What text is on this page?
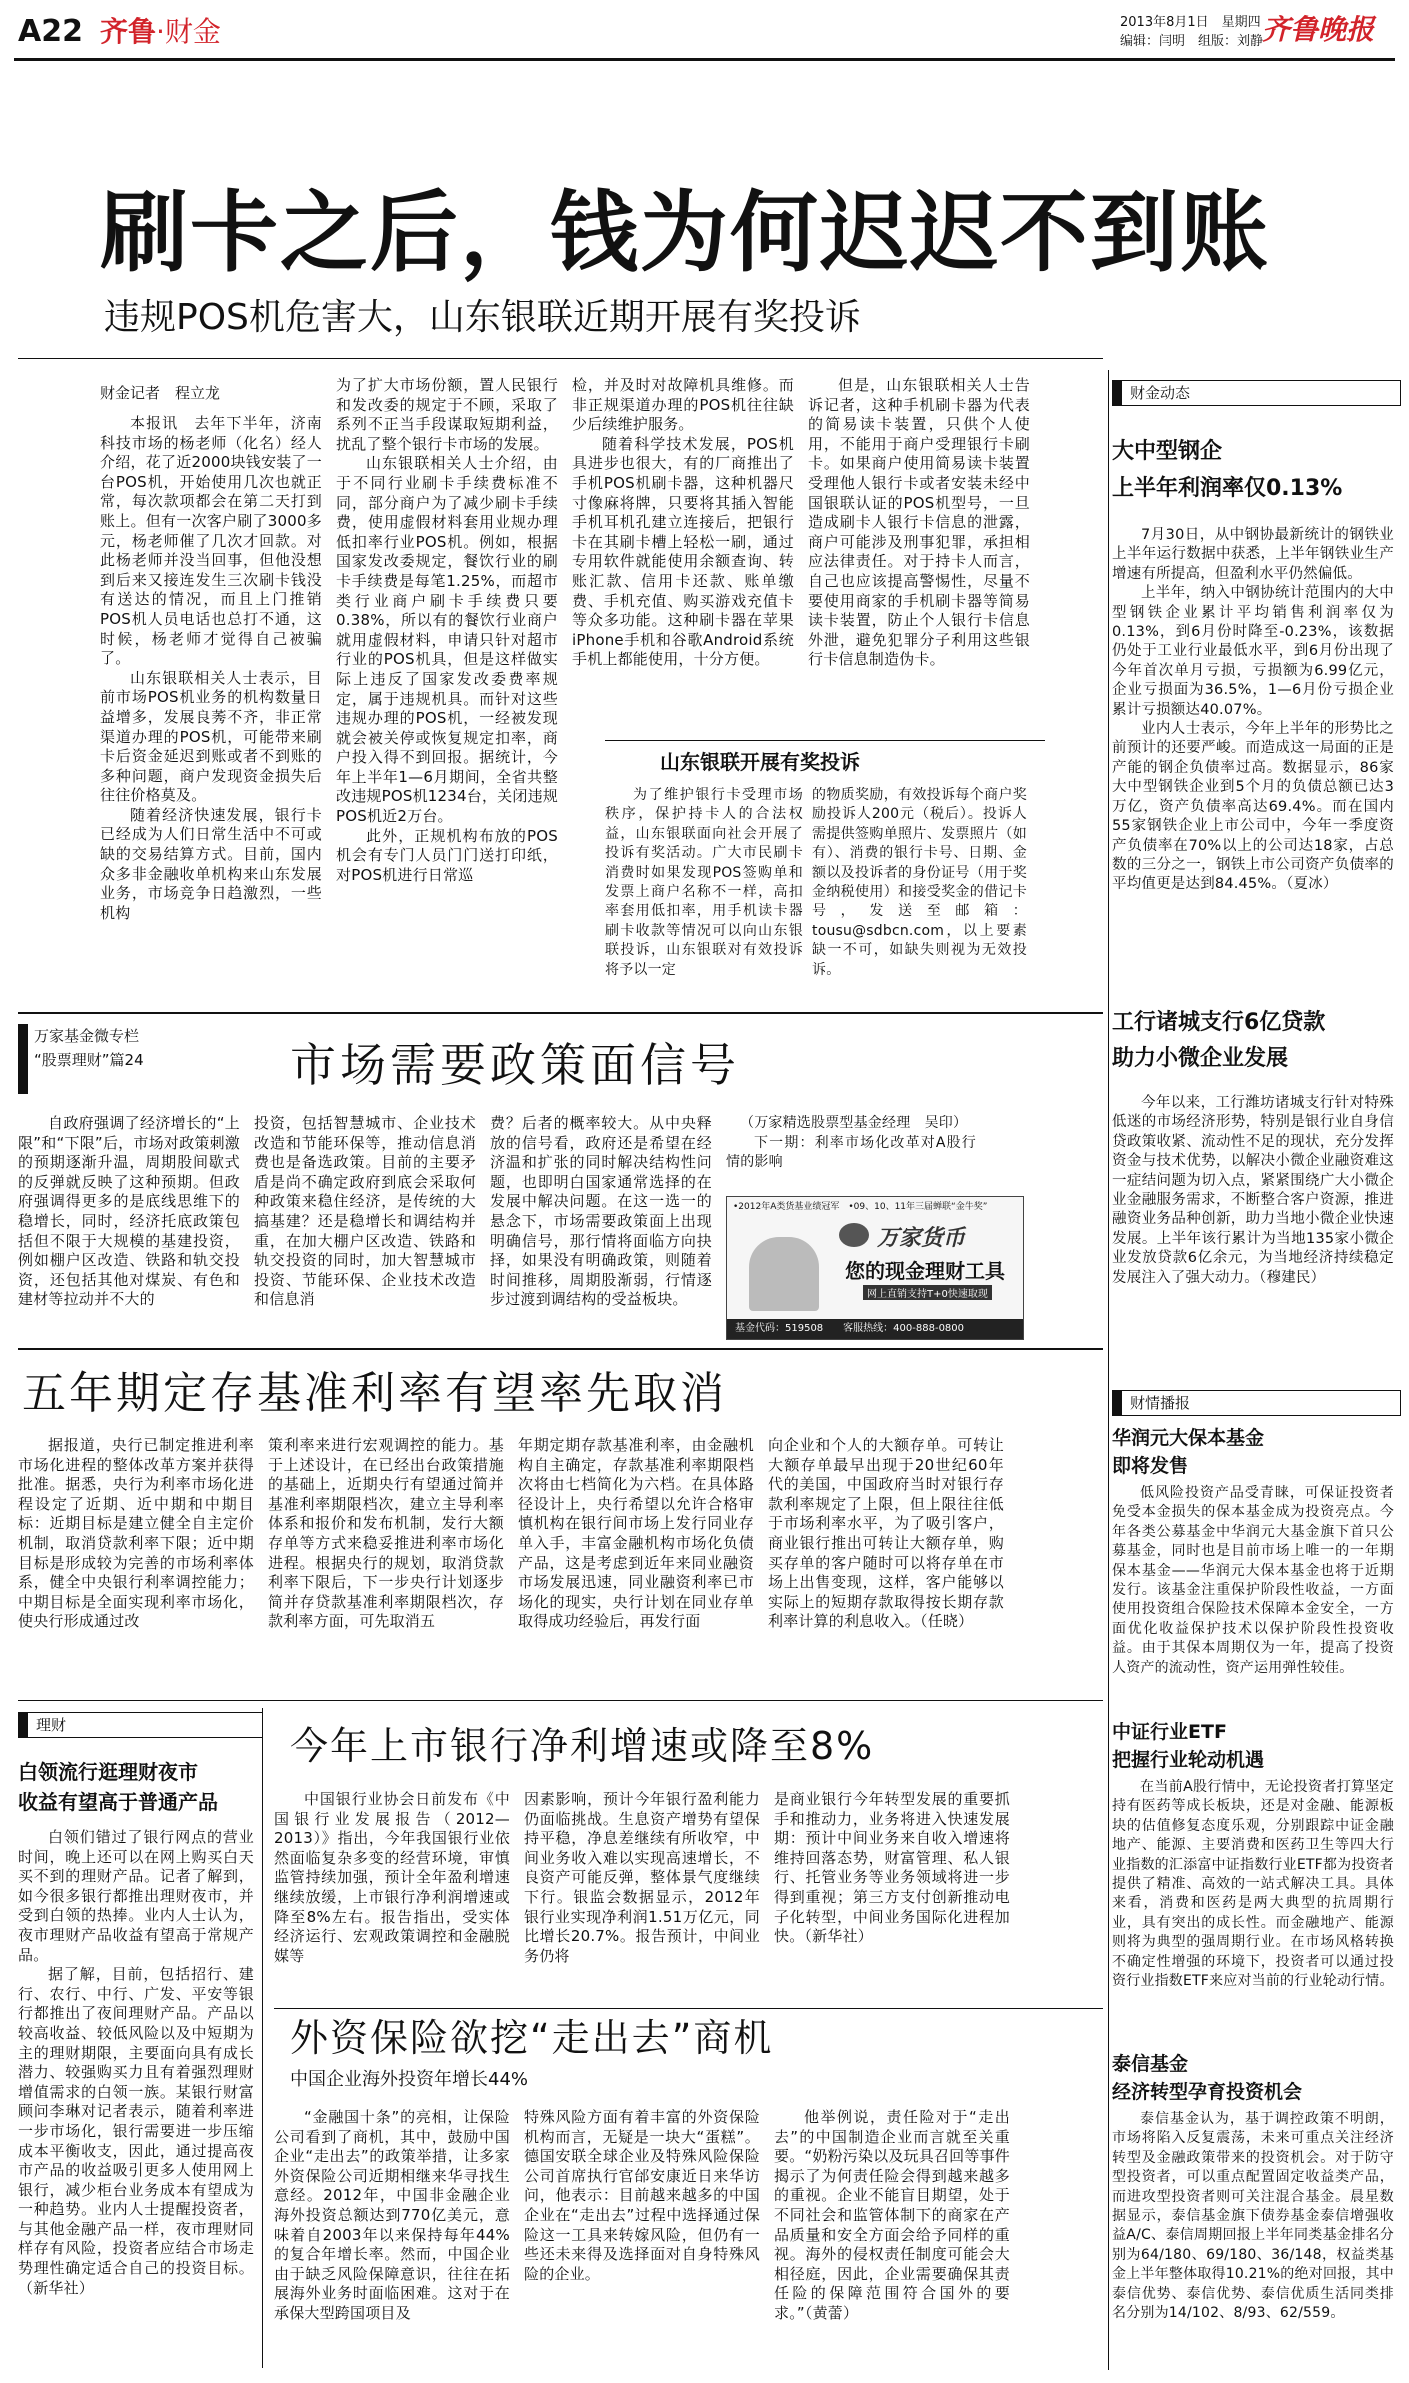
A22 齐鲁·财金	2013年8月1日　星期四
编辑：闫明　组版：刘静
齐鲁晚报
刷卡之后，钱为何迟迟不到账
违规POS机危害大，山东银联近期开展有奖投诉
财金记者　程立龙

本报讯　去年下半年，济南科技市场的杨老师（化名）经人介绍，花了近2000块钱安装了一台POS机，开始使用几次也就正常，每次款项都会在第二天打到账上。但有一次客户刷了3000多元，杨老师催了几次才回款。对此杨老师并没当回事，但他没想到后来又接连发生三次刷卡钱没有送达的情况，而且上门推销POS机人员电话也总打不通，这时候，杨老师才觉得自己被骗了。

山东银联相关人士表示，目前市场POS机业务的机构数量日益增多，发展良莠不齐，非正常渠道办理的POS机，可能带来刷卡后资金延迟到账或者不到账的多种问题，商户发现资金损失后往往价格莫及。

随着经济快速发展，银行卡已经成为人们日常生活中不可或缺的交易结算方式。目前，国内众多非金融收单机构来山东发展业务，市场竞争日趋激烈，一些机构

为了扩大市场份额，置人民银行和发改委的规定于不顾，采取了系列不正当手段谋取短期利益，扰乱了整个银行卡市场的发展。

山东银联相关人士介绍，由于不同行业刷卡手续费标准不同，部分商户为了减少刷卡手续费，使用虚假材料套用业规办理低扣率行业POS机。例如，根据国家发改委规定，餐饮行业的刷卡手续费是每笔1.25%，而超市类行业商户刷卡手续费只要0.38%，所以有的餐饮行业商户就用虚假材料，申请只针对超市行业的POS机具，但是这样做实际上违反了国家发改委费率规定，属于违规机具。而针对这些违规办理的POS机，一经被发现就会被关停或恢复规定扣率，商户投入得不到回报。据统计，今年上半年1—6月期间，全省共整改违规POS机1234台，关闭违规POS机近2万台。

此外，正规机构布放的POS机会有专门人员门门送打印纸，对POS机进行日常巡

检，并及时对故障机具维修。而非正规渠道办理的POS机往往缺少后续维护服务。

随着科学技术发展，POS机具进步也很大，有的厂商推出了手机POS机刷卡器，这种机器尺寸像麻将牌，只要将其插入智能手机耳机孔建立连接后，把银行卡在其刷卡槽上轻松一刷，通过专用软件就能使用余额查询、转账汇款、信用卡还款、账单缴费、手机充值、购买游戏充值卡等众多功能。这种刷卡器在苹果iPhone手机和谷歌Android系统手机上都能使用，十分方便。

但是，山东银联相关人士告诉记者，这种手机刷卡器为代表的简易读卡装置，只供个人使用，不能用于商户受理银行卡刷卡。如果商户使用简易读卡装置受理他人银行卡或者安装未经中国银联认证的POS机型号，一旦造成刷卡人银行卡信息的泄露，商户可能涉及刑事犯罪，承担相应法律责任。对于持卡人而言，自己也应该提高警惕性，尽量不要使用商家的手机刷卡器等简易读卡装置，防止个人银行卡信息外泄，避免犯罪分子利用这些银行卡信息制造伪卡。

山东银联开展有奖投诉

为了维护银行卡受理市场秩序，保护持卡人的合法权益，山东银联面向社会开展了投诉有奖活动。广大市民刷卡消费时如果发现POS签购单和发票上商户名称不一样，高扣率套用低扣率，用手机读卡器刷卡收款等情况可以向山东银联投诉，山东银联对有效投诉将予以一定

的物质奖励，有效投诉每个商户奖励投诉人200元（税后）。投诉人需提供签购单照片、发票照片（如有）、消费的银行卡号、日期、金额以及投诉者的身份证号（用于奖金纳税使用）和接受奖金的借记卡号，发送至邮箱：tousu@sdbcn.com，以上要素缺一不可，如缺失则视为无效投诉。

万家基金微专栏
“股票理财”篇24	市场需要政策面信号

自政府强调了经济增长的“上限”和“下限”后，市场对政策刺激的预期逐渐升温，周期股间歇式的反弹就反映了这种预期。但政府强调得更多的是底线思维下的稳增长，同时，经济托底政策包括但不限于大规模的基建投资，例如棚户区改造、铁路和轨交投资，还包括其他对煤炭、有色和建材等拉动并不大的

投资，包括智慧城市、企业技术改造和节能环保等，推动信息消费也是备选政策。目前的主要矛盾是尚不确定政府到底会采取何种政策来稳住经济，是传统的大搞基建？还是稳增长和调结构并重，在加大棚户区改造、铁路和轨交投资的同时，加大智慧城市投资、节能环保、企业技术改造和信息消

费？后者的概率较大。从中央释放的信号看，政府还是希望在经济温和扩张的同时解决结构性问题，也即明白国家通常选择的在发展中解决问题。在这一选一的悬念下，市场需要政策面上出现明确信号，那行情将面临方向抉择，如果没有明确政策，则随着时间推移，周期股渐弱，行情逐步过渡到调结构的受益板块。

（万家精选股票型基金经理　吴印）

下一期：利率市场化改革对A股行情的影响

•2012年A类货基业绩冠军　•09、10、11年三届蝉联“金牛奖”
万家货币
您的现金理财工具
网上直销支持T+0快速取现
基金代码：519508　　客服热线：400-888-0800
五年期定存基准利率有望率先取消

据报道，央行已制定推进利率市场化进程的整体改革方案并获得批准。据悉，央行为利率市场化进程设定了近期、近中期和中期目标：近期目标是建立健全自主定价机制，取消贷款利率下限；近中期目标是形成较为完善的市场利率体系，健全中央银行利率调控能力；中期目标是全面实现利率市场化，使央行形成通过改

策利率来进行宏观调控的能力。基于上述设计，在已经出台政策措施的基础上，近期央行有望通过简并基准利率期限档次，建立主导利率体系和报价和发布机制，发行大额存单等方式来稳妥推进利率市场化进程。根据央行的规划，取消贷款利率下限后，下一步央行计划逐步简并存贷款基准利率期限档次，存款利率方面，可先取消五

年期定期存款基准利率，由金融机构自主确定，存款基准利率期限档次将由七档简化为六档。在具体路径设计上，央行希望以允许合格审慎机构在银行间市场上发行同业存单入手，丰富金融机构市场化负债产品，这是考虑到近年来同业融资市场发展迅速，同业融资利率已市场化的现实，央行计划在同业存单取得成功经验后，再发行面

向企业和个人的大额存单。可转让大额存单最早出现于20世纪60年代的美国，中国政府当时对银行存款利率规定了上限，但上限往往低于市场利率水平，为了吸引客户，商业银行推出可转让大额存单，购买存单的客户随时可以将存单在市场上出售变现，这样，客户能够以实际上的短期存款取得按长期存款利率计算的利息收入。（任晓）

理财
白领流行逛理财夜市
收益有望高于普通产品

白领们错过了银行网点的营业时间，晚上还可以在网上购买白天买不到的理财产品。记者了解到，如今很多银行都推出理财夜市，并受到白领的热捧。业内人士认为，夜市理财产品收益有望高于常规产品。

据了解，目前，包括招行、建行、农行、中行、广发、平安等银行都推出了夜间理财产品。产品以较高收益、较低风险以及中短期为主的理财期限，主要面向具有成长潜力、较强购买力且有着强烈理财增值需求的白领一族。某银行财富顾问李琳对记者表示，随着利率进一步市场化，银行需要进一步压缩成本平衡收支，因此，通过提高夜市产品的收益吸引更多人使用网上银行，减少柜台业务成本有望成为一种趋势。业内人士提醒投资者，与其他金融产品一样，夜市理财同样存有风险，投资者应结合市场走势理性确定适合自己的投资目标。（新华社）

今年上市银行净利增速或降至8%

中国银行业协会日前发布《中国银行业发展报告（2012—2013）》指出，今年我国银行业依然面临复杂多变的经营环境，审慎监管持续加强，预计全年盈利增速继续放缓，上市银行净利润增速或降至8%左右。报告指出，受实体经济运行、宏观政策调控和金融脱媒等

因素影响，预计今年银行盈利能力仍面临挑战。生息资产增势有望保持平稳，净息差继续有所收窄，中间业务收入难以实现高速增长，不良资产可能反弹，整体景气度继续下行。银监会数据显示，2012年银行业实现净利润1.51万亿元，同比增长20.7%。报告预计，中间业务仍将

是商业银行今年转型发展的重要抓手和推动力，业务将进入快速发展期：预计中间业务来自收入增速将维持回落态势，财富管理、私人银行、托管业务等业务领域将进一步得到重视；第三方支付创新推动电子化转型，中间业务国际化进程加快。（新华社）

外资保险欲挖“走出去”商机
中国企业海外投资年增长44%

“金融国十条”的亮相，让保险公司看到了商机，其中，鼓励中国企业“走出去”的政策举措，让多家外资保险公司近期相继来华寻找生意经。2012年，中国非金融企业海外投资总额达到770亿美元，意味着自2003年以来保持每年44%的复合年增长率。然而，中国企业由于缺乏风险保障意识，往往在拓展海外业务时面临困难。这对于在承保大型跨国项目及

特殊风险方面有着丰富的外资保险机构而言，无疑是一块大“蛋糕”。德国安联全球企业及特殊风险保险公司首席执行官邰安康近日来华访问，他表示：目前越来越多的中国企业在“走出去”过程中选择通过保险这一工具来转嫁风险，但仍有一些还未来得及选择面对自身特殊风险的企业。

他举例说，责任险对于“走出去”的中国制造企业而言就至关重要。“奶粉污染以及玩具召回等事件揭示了为何责任险会得到越来越多的重视。企业不能盲目期望，处于不同社会和监管体制下的商家在产品质量和安全方面会给予同样的重视。海外的侵权责任制度可能会大相径庭，因此，企业需要确保其责任险的保障范围符合国外的要求。”（黄蕾）

财金动态
大中型钢企
上半年利润率仅0.13%

7月30日，从中钢协最新统计的钢铁业上半年运行数据中获悉，上半年钢铁业生产增速有所提高，但盈利水平仍然偏低。

上半年，纳入中钢协统计范围内的大中型钢铁企业累计平均销售利润率仅为0.13%，到6月份时降至-0.23%，该数据仍处于工业行业最低水平，到6月份出现了今年首次单月亏损，亏损额为6.99亿元，企业亏损面为36.5%，1—6月份亏损企业累计亏损额达40.07%。

业内人士表示，今年上半年的形势比之前预计的还要严峻。而造成这一局面的正是产能的钢企负债率过高。数据显示，86家大中型钢铁企业到5个月的负债总额已达3万亿，资产负债率高达69.4%。而在国内55家钢铁企业上市公司中，今年一季度资产负债率在70%以上的公司达18家，占总数的三分之一，钢铁上市公司资产负债率的平均值更是达到84.45%。（夏冰）

工行诸城支行6亿贷款
助力小微企业发展

今年以来，工行潍坊诸城支行针对特殊低迷的市场经济形势，特别是银行业自身信贷政策收紧、流动性不足的现状，充分发挥资金与技术优势，以解决小微企业融资难这一症结问题为切入点，紧紧围绕广大小微企业金融服务需求，不断整合客户资源，推进融资业务品种创新，助力当地小微企业快速发展。上半年该行累计为当地135家小微企业发放贷款6亿余元，为当地经济持续稳定发展注入了强大动力。（穆建民）

财情播报
华润元大保本基金
即将发售

低风险投资产品受青睐，可保证投资者免受本金损失的保本基金成为投资亮点。今年各类公募基金中华润元大基金旗下首只公募基金，同时也是目前市场上唯一的一年期保本基金——华润元大保本基金也将于近期发行。该基金注重保护阶段性收益，一方面使用投资组合保险技术保障本金安全，一方面优化收益保护技术以保护阶段性投资收益。由于其保本周期仅为一年，提高了投资人资产的流动性，资产运用弹性较佳。

中证行业ETF
把握行业轮动机遇

在当前A股行情中，无论投资者打算坚定持有医药等成长板块，还是对金融、能源板块的估值修复态度乐观，分别跟踪中证金融地产、能源、主要消费和医药卫生等四大行业指数的汇添富中证指数行业ETF都为投资者提供了精准、高效的一站式解决工具。具体来看，消费和医药是两大典型的抗周期行业，具有突出的成长性。而金融地产、能源则将为典型的强周期行业。在市场风格转换不确定性增强的环境下，投资者可以通过投资行业指数ETF来应对当前的行业轮动行情。

泰信基金
经济转型孕育投资机会

泰信基金认为，基于调控政策不明朗，市场将陷入反复震荡，未来可重点关注经济转型及金融政策带来的投资机会。对于防守型投资者，可以重点配置固定收益类产品，而进攻型投资者则可关注混合基金。晨星数据显示，泰信基金旗下债券基金泰信增强收益A/C、泰信周期回报上半年同类基金排名分别为64/180、69/180、36/148，权益类基金上半年整体取得10.21%的绝对回报，其中泰信优势、泰信优势、泰信优质生活同类排名分别为14/102、8/93、62/559。
